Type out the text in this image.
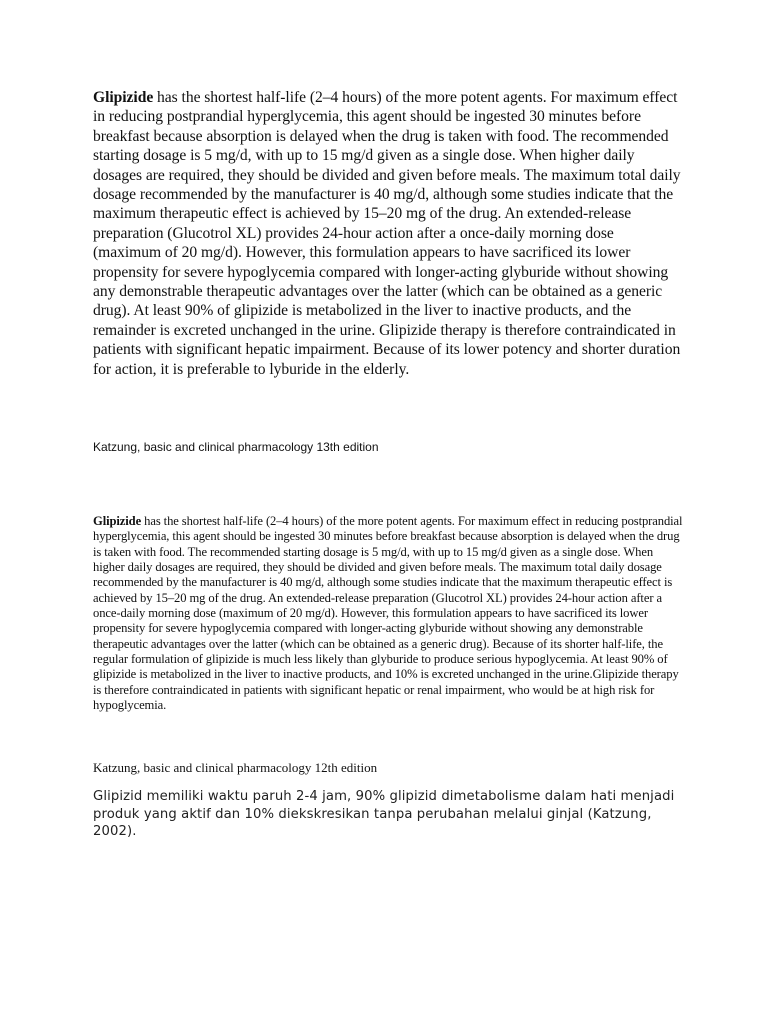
Glipizide has the shortest half-life (2–4 hours) of the more potent agents. For maximum effect in reducing postprandial hyperglycemia, this agent should be ingested 30 minutes before breakfast because absorption is delayed when the drug is taken with food. The recommended starting dosage is 5 mg/d, with up to 15 mg/d given as a single dose. When higher daily dosages are required, they should be divided and given before meals. The maximum total daily dosage recommended by the manufacturer is 40 mg/d, although some studies indicate that the maximum therapeutic effect is achieved by 15–20 mg of the drug. An extended-release preparation (Glucotrol XL) provides 24-hour action after a once-daily morning dose (maximum of 20 mg/d). However, this formulation appears to have sacrificed its lower propensity for severe hypoglycemia compared with longer-acting glyburide without showing any demonstrable therapeutic advantages over the latter (which can be obtained as a generic drug). At least 90% of glipizide is metabolized in the liver to inactive products, and the remainder is excreted unchanged in the urine. Glipizide therapy is therefore contraindicated in patients with significant hepatic impairment. Because of its lower potency and shorter duration for action, it is preferable to lyburide in the elderly.

Katzung, basic and clinical pharmacology 13th edition

Glipizide has the shortest half-life (2–4 hours) of the more potent agents. For maximum effect in reducing postprandial hyperglycemia, this agent should be ingested 30 minutes before breakfast because absorption is delayed when the drug is taken with food. The recommended starting dosage is 5 mg/d, with up to 15 mg/d given as a single dose. When higher daily dosages are required, they should be divided and given before meals. The maximum total daily dosage recommended by the manufacturer is 40 mg/d, although some studies indicate that the maximum therapeutic effect is achieved by 15–20 mg of the drug. An extended-release preparation (Glucotrol XL) provides 24-hour action after a once-daily morning dose (maximum of 20 mg/d). However, this formulation appears to have sacrificed its lower propensity for severe hypoglycemia compared with longer-acting glyburide without showing any demonstrable therapeutic advantages over the latter (which can be obtained as a generic drug). Because of its shorter half-life, the regular formulation of glipizide is much less likely than glyburide to produce serious hypoglycemia. At least 90% of glipizide is metabolized in the liver to inactive products, and 10% is excreted unchanged in the urine.Glipizide therapy is therefore contraindicated in patients with significant hepatic or renal impairment, who would be at high risk for hypoglycemia.

Katzung, basic and clinical pharmacology 12th edition

Glipizid memiliki waktu paruh 2-4 jam, 90% glipizid dimetabolisme dalam hati menjadi produk yang aktif dan 10% diekskresikan tanpa perubahan melalui ginjal (Katzung, 2002).
